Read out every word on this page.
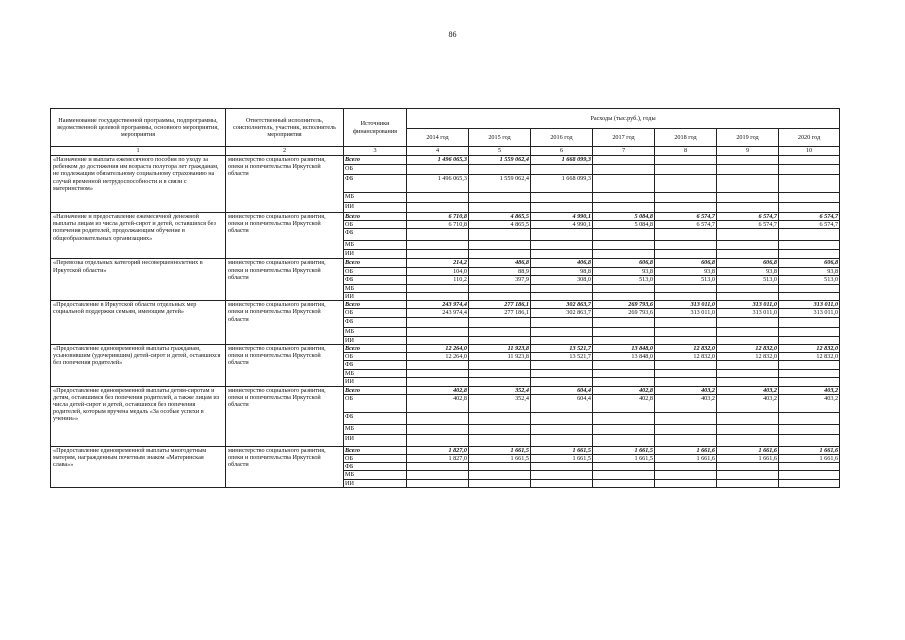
86
Наименование государственной программы, подпрограммы, ведомственной целевой программы, основного мероприятия, мероприятия	Ответственный исполнитель, соисполнитель, участник, исполнитель мероприятия	Источники финансирования	Расходы (тыс.руб.), годы						
			2014 год	2015 год	2016 год	2017 год	2018 год	2019 год	2020 год
1	2	3	4	5	6	7	8	9	10
«Назначение и выплата ежемесячного пособия по уходу за ребенком до достижения им возраста полутора лет гражданам, не подлежащим обязательному социальному страхованию на случай временной нетрудоспособности и в связи с материнством»	министерство социального развития, опеки и попечительства Иркутской области	Всего	1 496 065,3	1 559 062,4	1 668 099,3				
		ОБ							
		ФБ	1 496 065,3	1 559 062,4	1 668 099,3				
		МБ							
		ИИ							
«Назначение и предоставление ежемесячной денежной выплаты лицам из числа детей-сирот и детей, оставшихся без попечения родителей, продолжающим обучение в общеобразовательных организациях»	министерство социального развития, опеки и попечительства Иркутской области	Всего	6 710,8	4 865,5	4 990,1	5 084,8	6 574,7	6 574,7	6 574,7
		ОБ	6 710,8	4 865,5	4 990,1	5 084,8	6 574,7	6 574,7	6 574,7
		ФБ							
		МБ							
		ИИ							
«Перевозка отдельных категорий несовершеннолетних в Иркутской области»	министерство социального развития, опеки и попечительства Иркутской области	Всего	214,2	486,8	406,8	606,8	606,8	606,8	606,8
		ОБ	104,0	88,9	98,8	93,8	93,8	93,8	93,8
		ФБ	110,2	397,9	308,0	513,0	513,0	513,0	513,0
		МБ							
		ИИ							
«Предоставление в Иркутской области отдельных мер социальной поддержки семьям, имеющим детей»	министерство социального развития, опеки и попечительства Иркутской области	Всего	243 974,4	277 186,1	302 863,7	269 793,6	313 011,0	313 011,0	313 011,0
		ОБ	243 974,4	277 186,1	302 863,7	269 793,6	313 011,0	313 011,0	313 011,0
		ФБ							
		МБ							
		ИИ							
«Предоставление единовременной выплаты гражданам, усыновившим (удочерившим) детей-сирот и детей, оставшихся без попечения родителей»	министерство социального развития, опеки и попечительства Иркутской области	Всего	12 264,0	11 923,8	13 521,7	13 848,0	12 832,0	12 832,0	12 832,0
		ОБ	12 264,0	11 923,8	13 521,7	13 848,0	12 832,0	12 832,0	12 832,0
		ФБ							
		МБ							
		ИИ							
«Предоставление единовременной выплаты детям-сиротам и детям, оставшимся без попечения родителей, а также лицам из числа детей-сирот и детей, оставшихся без попечения родителей, которым вручена медаль «За особые успехи в учении»»	министерство социального развития, опеки и попечительства Иркутской области	Всего	402,8	352,4	604,4	402,8	403,2	403,2	403,2
		ОБ	402,8	352,4	604,4	402,8	403,2	403,2	403,2
		ФБ							
		МБ							
		ИИ							
«Предоставление единовременной выплаты многодетным матерям, награжденным почетным знаком «Материнская слава»»	министерство социального развития, опеки и попечительства Иркутской области	Всего	1 827,0	1 661,5	1 661,5	1 661,5	1 661,6	1 661,6	1 661,6
		ОБ	1 827,0	1 661,5	1 661,5	1 661,5	1 661,6	1 661,6	1 661,6
		ФБ							
		МБ							
		ИИ							
